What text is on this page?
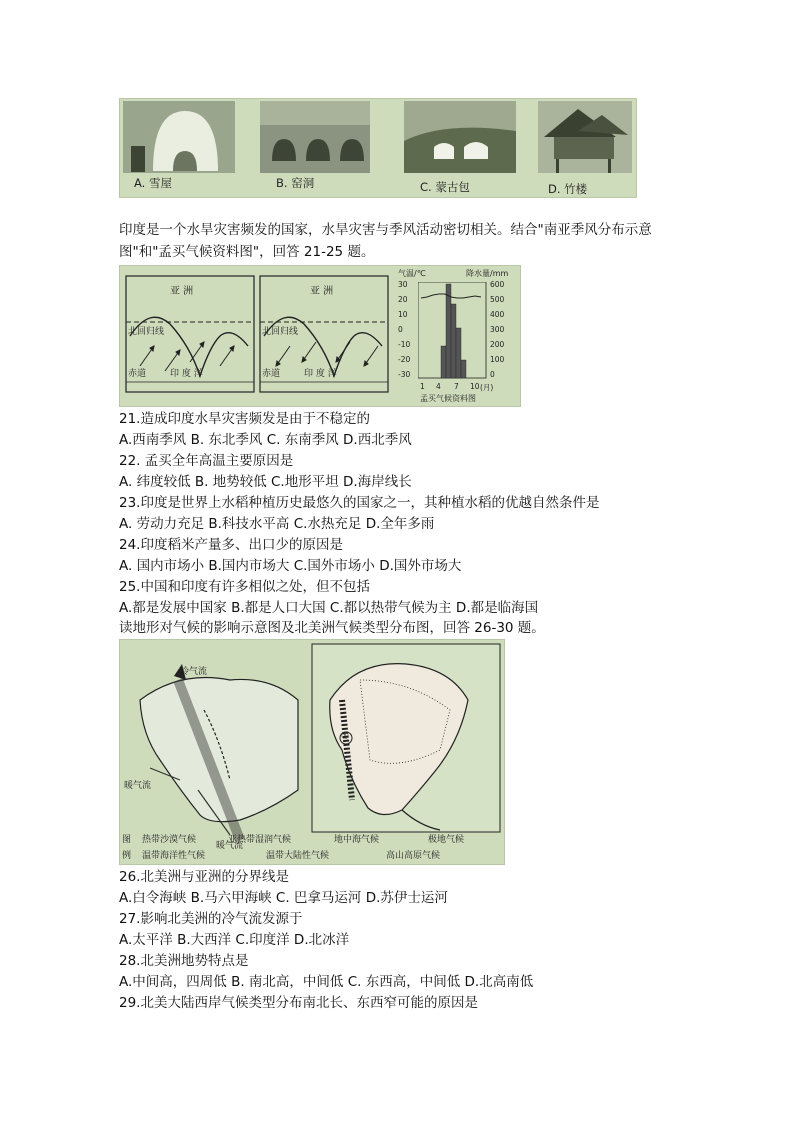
A. 雪屋	B. 窑洞	C. 蒙古包	D. 竹楼
印度是一个水旱灾害频发的国家，水旱灾害与季风活动密切相关。结合"南亚季风分布示意
图"和"孟买气候资料图"，回答 21-25 题。
亚 洲	亚 洲
北回归线	北回归线
赤道	印 度 洋	赤道	印 度 洋
气温/℃	降水量/mm
30
20
10
0
-10
-20
-30
600
500
400
300
200
100
0
1 4 7 10 (月)
孟买气候资料图
21.造成印度水旱灾害频发是由于不稳定的
A.西南季风 B. 东北季风 C. 东南季风 D.西北季风
22. 孟买全年高温主要原因是
A. 纬度较低 B. 地势较低 C.地形平坦 D.海岸线长
23.印度是世界上水稻种植历史最悠久的国家之一，其种植水稻的优越自然条件是
A. 劳动力充足 B.科技水平高 C.水热充足 D.全年多雨
24.印度稻米产量多、出口少的原因是
A. 国内市场小 B.国内市场大 C.国外市场小 D.国外市场大
25.中国和印度有许多相似之处，但不包括
A.都是发展中国家 B.都是人口大国 C.都以热带气候为主 D.都是临海国
读地形对气候的影响示意图及北美洲气候类型分布图，回答 26-30 题。
冷气流
暖气流
暖气流
①
图
例
热带沙漠气候	亚热带湿润气候	地中海气候	极地气候
温带海洋性气候	温带大陆性气候	高山高原气候
26.北美洲与亚洲的分界线是
A.白令海峡 B.马六甲海峡 C. 巴拿马运河 D.苏伊士运河
27.影响北美洲的冷气流发源于
A.太平洋 B.大西洋 C.印度洋 D.北冰洋
28.北美洲地势特点是
A.中间高，四周低 B. 南北高，中间低 C. 东西高，中间低 D.北高南低
29.北美大陆西岸气候类型分布南北长、东西窄可能的原因是
